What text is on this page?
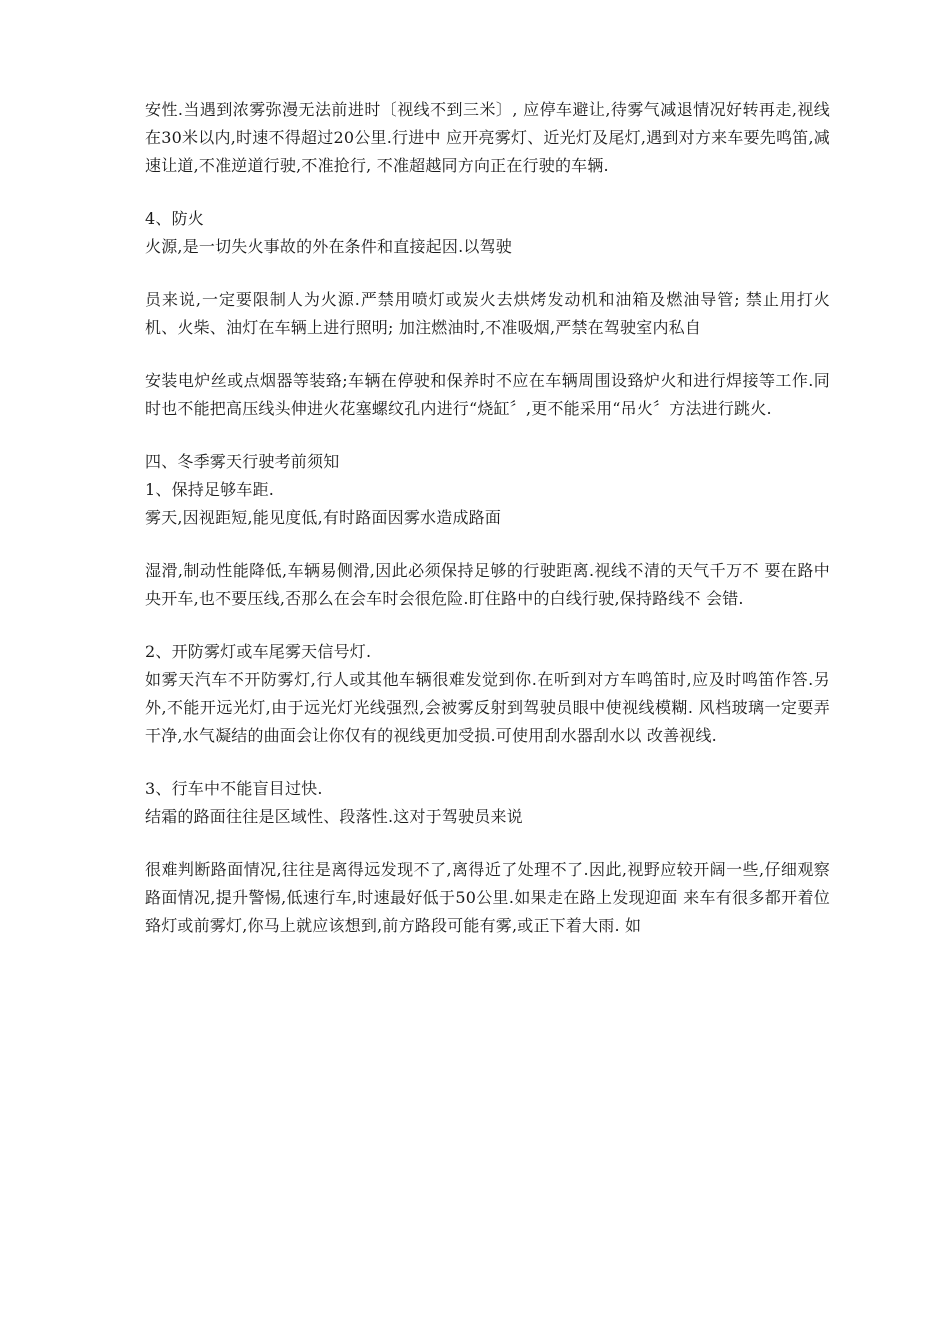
安性.当遇到浓雾弥漫无法前进时〔视线不到三米〕, 应停车避让,待雾气减退情况好转再走,视线在30米以内,时速不得超过20公里.行进中 应开亮雾灯、近光灯及尾灯,遇到对方来车要先鸣笛,减速让道,不准逆道行驶,不准抢行, 不准超越同方向正在行驶的车辆.

4、防火

火源,是一切失火事故的外在条件和直接起因.以驾驶

员来说,一定要限制人为火源.严禁用喷灯或炭火去烘烤发动机和油箱及燃油导管; 禁止用打火机、火柴、油灯在车辆上进行照明; 加注燃油时,不准吸烟,严禁在驾驶室内私自

安装电炉丝或点烟器等装臵;车辆在停驶和保养时不应在车辆周围设臵炉火和进行焊接等工作.同时也不能把高压线头伸进火花塞螺纹孔内进行“烧缸〞,更不能采用“吊火〞方法进行跳火.

四、冬季雾天行驶考前须知

1、保持足够车距.

雾天,因视距短,能见度低,有时路面因雾水造成路面

湿滑,制动性能降低,车辆易侧滑,因此必须保持足够的行驶距离.视线不清的天气千万不 要在路中央开车,也不要压线,否那么在会车时会很危险.盯住路中的白线行驶,保持路线不 会错.

2、开防雾灯或车尾雾天信号灯.

如雾天汽车不开防雾灯,行人或其他车辆很难发觉到你.在听到对方车鸣笛时,应及时鸣笛作答.另外,不能开远光灯,由于远光灯光线强烈,会被雾反射到驾驶员眼中使视线模糊. 风档玻璃一定要弄干净,水气凝结的曲面会让你仅有的视线更加受损.可使用刮水器刮水以 改善视线.

3、行车中不能盲目过快.

结霜的路面往往是区域性、段落性.这对于驾驶员来说

很难判断路面情况,往往是离得远发现不了,离得近了处理不了.因此,视野应较开阔一些,仔细观察路面情况,提升警惕,低速行车,时速最好低于50公里.如果走在路上发现迎面 来车有很多都开着位臵灯或前雾灯,你马上就应该想到,前方路段可能有雾,或正下着大雨. 如
